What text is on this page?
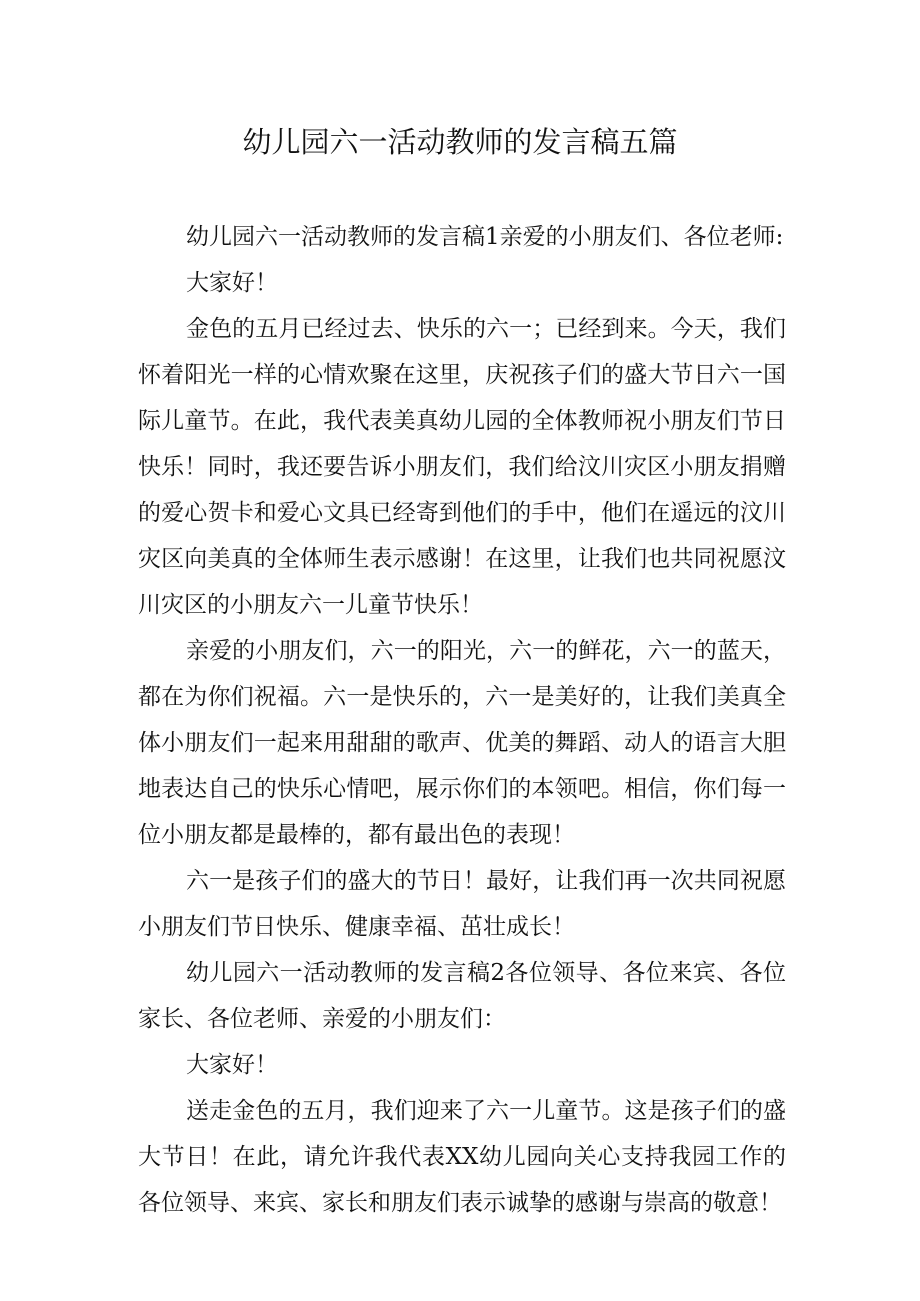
幼儿园六一活动教师的发言稿五篇

幼儿园六一活动教师的发言稿1亲爱的小朋友们、各位老师:

大家好！

金色的五月已经过去、快乐的六一；已经到来。今天，我们怀着阳光一样的心情欢聚在这里，庆祝孩子们的盛大节日六一国际儿童节。在此，我代表美真幼儿园的全体教师祝小朋友们节日快乐！同时，我还要告诉小朋友们，我们给汶川灾区小朋友捐赠的爱心贺卡和爱心文具已经寄到他们的手中，他们在遥远的汶川灾区向美真的全体师生表示感谢！在这里，让我们也共同祝愿汶川灾区的小朋友六一儿童节快乐！

亲爱的小朋友们，六一的阳光，六一的鲜花，六一的蓝天，都在为你们祝福。六一是快乐的，六一是美好的，让我们美真全体小朋友们一起来用甜甜的歌声、优美的舞蹈、动人的语言大胆地表达自己的快乐心情吧，展示你们的本领吧。相信，你们每一位小朋友都是最棒的，都有最出色的表现！

六一是孩子们的盛大的节日！最好，让我们再一次共同祝愿小朋友们节日快乐、健康幸福、茁壮成长！

幼儿园六一活动教师的发言稿2各位领导、各位来宾、各位家长、各位老师、亲爱的小朋友们：

大家好！

送走金色的五月，我们迎来了六一儿童节。这是孩子们的盛大节日！在此，请允许我代表XX幼儿园向关心支持我园工作的各位领导、来宾、家长和朋友们表示诚挚的感谢与崇高的敬意！
